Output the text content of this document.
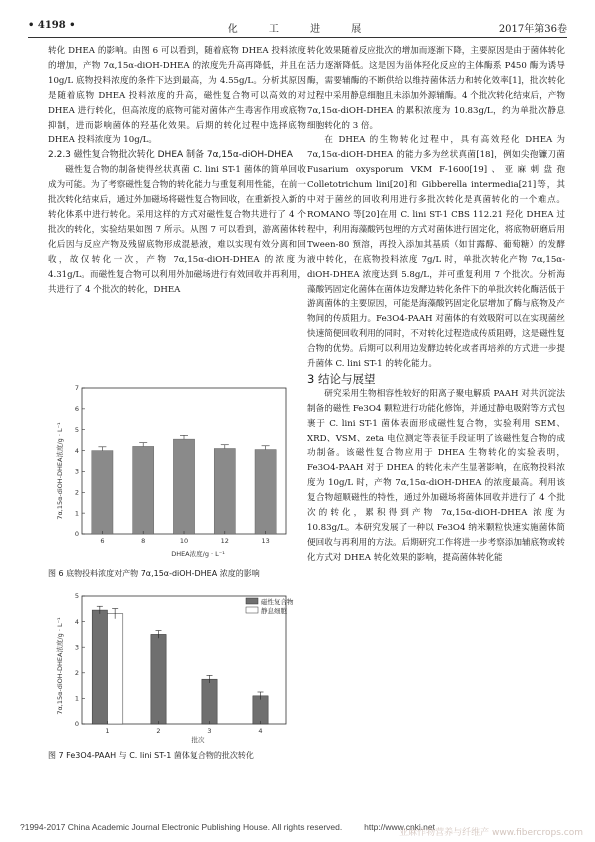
• 4198 •	化 工 进 展	2017年第36卷

转化 DHEA 的影响。由图 6 可以看到，随着底物 DHEA 投料浓度的增加，产物 7α,15α-diOH-DHEA 的浓度先升高再降低，并且在 10g/L 底物投料浓度的条件下达到最高，为 4.55g/L。分析其原因是随着底物 DHEA 投料浓度的升高，磁性复合物可以高效的对 DHEA 进行转化，但高浓度的底物可能对菌体产生毒害作用或底物抑制，进而影响菌体的羟基化效果。后期的转化过程中选择底物 DHEA 投料浓度为 10g/L。

2.2.3 磁性复合物批次转化 DHEA 制备 7α,15α-diOH-DHEA

磁性复合物的制备使得丝状真菌 C. lini ST-1 菌体的简单回收成为可能。为了考察磁性复合物的转化能力与重复利用性能，在前一批次转化结束后，通过外加磁场将磁性复合物回收，在重新投入新的转化体系中进行转化。采用这样的方式对磁性复合物共进行了 4 个批次的转化，实验结果如图 7 所示。从图 7 可以看到，游离菌体转化后因与反应产物及残留底物形成混悬液，难以实现有效分离和回收，故仅转化一次，产物 7α,15α-diOH-DHEA 的浓度为 4.31g/L。而磁性复合物可以利用外加磁场进行有效回收并再利用，共进行了 4 个批次的转化，DHEA

7α,15α-diOH-DHEA浓度/g · L⁻¹
DHEA浓度/g · L⁻¹
0
1
2
3
4
5
6
7
6	8	10	12	13
图 6 底物投料浓度对产物 7α,15α-diOH-DHEA 浓度的影响
7α,15α-diOH-DHEA浓度/g · L⁻¹
批次
磁性复合物
静息细胞
0
1
2
3
4
5
1	2	3	4
图 7 Fe3O4-PAAH 与 C. lini ST-1 菌体复合物的批次转化

转化效果随着反应批次的增加而逐渐下降，主要原因是由于菌体转化活力逐渐降低。这是因为甾体羟化反应的主体酶系 P450 酶为诱导酶，需要辅酶的不断供给以维持菌体活力和转化效率[1]，批次转化过程中采用静息细胞且未添加外源辅酶。4 个批次转化结束后，产物 7α,15α-diOH-DHEA 的累积浓度为 10.83g/L，约为单批次静息细胞转化的 3 倍。

在 DHEA 的生物转化过程中，具有高效羟化 DHEA 为 7α,15α-diOH-DHEA 的能力多为丝状真菌[18]，例如尖孢镰刀菌 Fusarium oxysporum VKM F-1600[19]、亚麻刺盘孢 Colletotrichum lini[20]和 Gibberella intermedia[21]等，其中对于菌丝的回收利用进行多批次转化是真菌转化的一个难点。ROMANO 等[20]在用 C. lini ST-1 CBS 112.21 羟化 DHEA 过程中，利用海藻酸钙包埋的方式对菌体进行固定化，将底物研磨后用 Tween-80 预溶，再投入添加其基质（如甘露醇、葡萄糖）的发酵液中转化，在底物投料浓度 7g/L 时，单批次转化产物 7α,15α-diOH-DHEA 浓度达到 5.8g/L，并可重复利用 7 个批次。分析海藻酸钙固定化菌体在菌体边发酵边转化条件下的单批次转化酶活低于游离菌体的主要原因，可能是海藻酸钙固定化层增加了酶与底物及产物间的传质阻力。Fe3O4-PAAH 对菌体的有效吸附可以在实现菌丝快速简便回收利用的同时，不对转化过程造成传质阻碍，这是磁性复合物的优势。后期可以利用边发酵边转化或者再培养的方式进一步提升菌体 C. lini ST-1 的转化能力。

3 结论与展望

研究采用生物相容性较好的阳离子聚电解质 PAAH 对共沉淀法制备的磁性 Fe3O4 颗粒进行功能化修饰，并通过静电吸附等方式包裹于 C. lini ST-1 菌体表面形成磁性复合物，实验利用 SEM、XRD、VSM、zeta 电位测定等表征手段证明了该磁性复合物的成功制备。该磁性复合物应用于 DHEA 生物转化的实验表明，Fe3O4-PAAH 对于 DHEA 的转化未产生显著影响，在底物投料浓度为 10g/L 时，产物 7α,15α-diOH-DHEA 的浓度最高。利用该复合物超顺磁性的特性，通过外加磁场将菌体回收并进行了 4 个批次的转化，累积得到产物 7α,15α-diOH-DHEA 浓度为 10.83g/L。本研究发展了一种以 Fe3O4 纳米颗粒快速实施菌体简便回收与再利用的方法。后期研究工作将进一步考察添加辅底物或转化方式对 DHEA 转化效果的影响，提高菌体转化能

?1994-2017 China Academic Journal Electronic Publishing House. All rights reserved.	http://www.cnki.net
亚麻作物营养与纤维产 www.fibercrops.com
